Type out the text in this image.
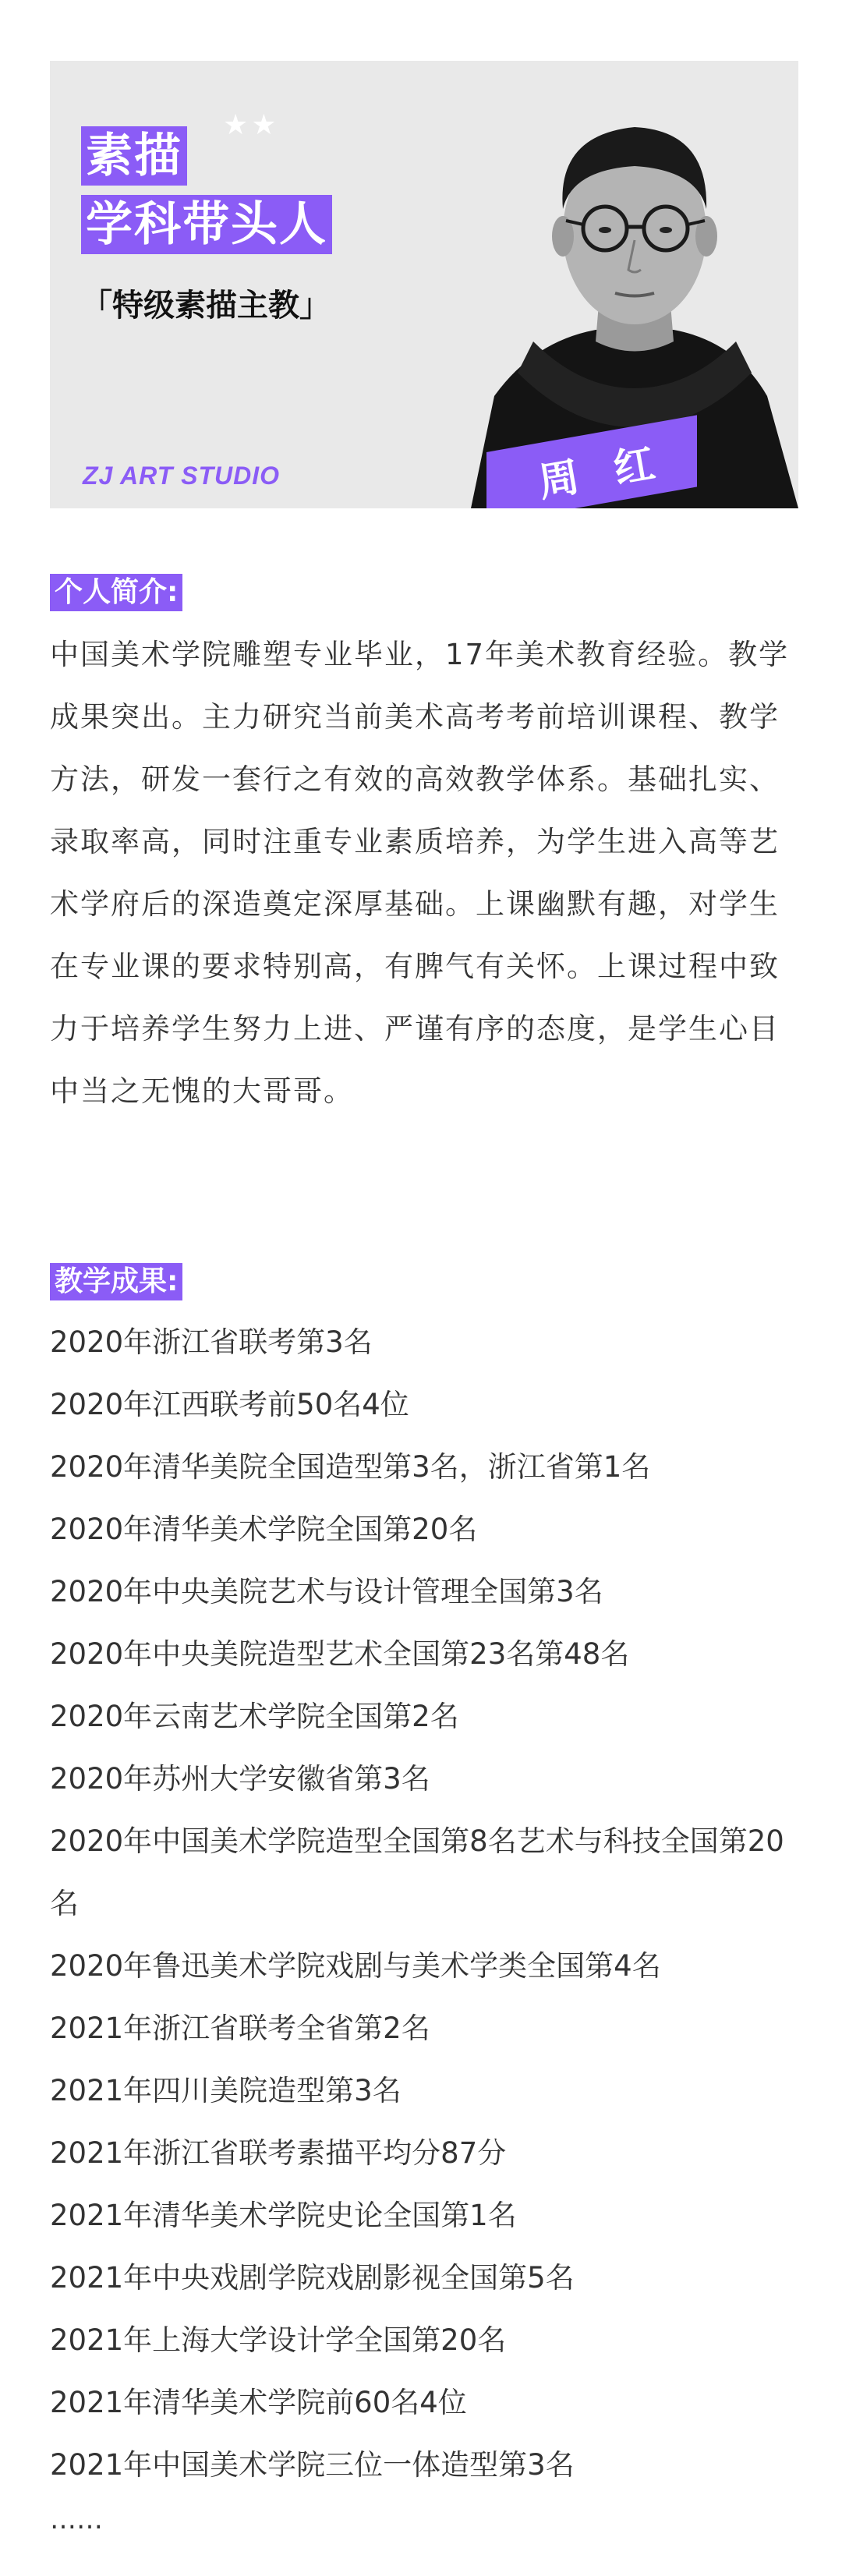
素描
★★
学科带头人
「特级素描主教」
ZJ ART STUDIO	周 红
个人简介:

中国美术学院雕塑专业毕业，17年美术教育经验。教学成果突出。主力研究当前美术高考考前培训课程、教学方法，研发一套行之有效的高效教学体系。基础扎实、录取率高，同时注重专业素质培养，为学生进入高等艺术学府后的深造奠定深厚基础。上课幽默有趣，对学生在专业课的要求特别高，有脾气有关怀。上课过程中致力于培养学生努力上进、严谨有序的态度，是学生心目中当之无愧的大哥哥。

教学成果:
2020年浙江省联考第3名
2020年江西联考前50名4位
2020年清华美院全国造型第3名，浙江省第1名
2020年清华美术学院全国第20名
2020年中央美院艺术与设计管理全国第3名
2020年中央美院造型艺术全国第23名第48名
2020年云南艺术学院全国第2名
2020年苏州大学安徽省第3名
2020年中国美术学院造型全国第8名艺术与科技全国第20名
2020年鲁迅美术学院戏剧与美术学类全国第4名
2021年浙江省联考全省第2名
2021年四川美院造型第3名
2021年浙江省联考素描平均分87分
2021年清华美术学院史论全国第1名
2021年中央戏剧学院戏剧影视全国第5名
2021年上海大学设计学全国第20名
2021年清华美术学院前60名4位
2021年中国美术学院三位一体造型第3名
……
